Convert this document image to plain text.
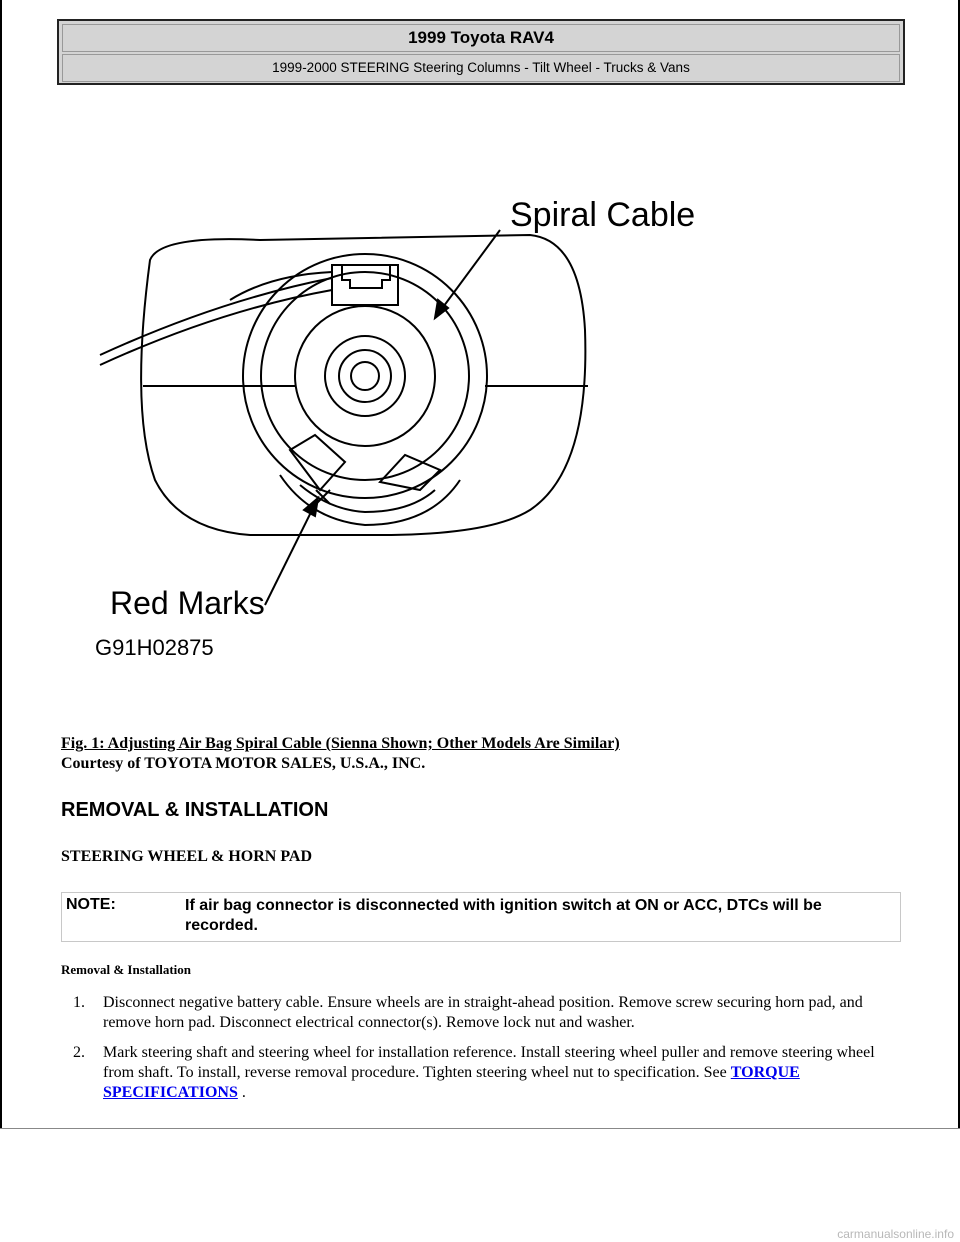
1999 Toyota RAV4
1999-2000 STEERING Steering Columns - Tilt Wheel - Trucks & Vans
Spiral Cable
Red Marks
G91H02875
Fig. 1: Adjusting Air Bag Spiral Cable (Sienna Shown; Other Models Are Similar)
Courtesy of TOYOTA MOTOR SALES, U.S.A., INC.
REMOVAL & INSTALLATION
STEERING WHEEL & HORN PAD
NOTE:	If air bag connector is disconnected with ignition switch at ON or ACC, DTCs will be recorded.
Removal & Installation
1. Disconnect negative battery cable. Ensure wheels are in straight-ahead position. Remove screw securing horn pad, and remove horn pad. Disconnect electrical connector(s). Remove lock nut and washer.
2. Mark steering shaft and steering wheel for installation reference. Install steering wheel puller and remove steering wheel from shaft. To install, reverse removal procedure. Tighten steering wheel nut to specification. See TORQUE SPECIFICATIONS .
carmanualsonline.info
